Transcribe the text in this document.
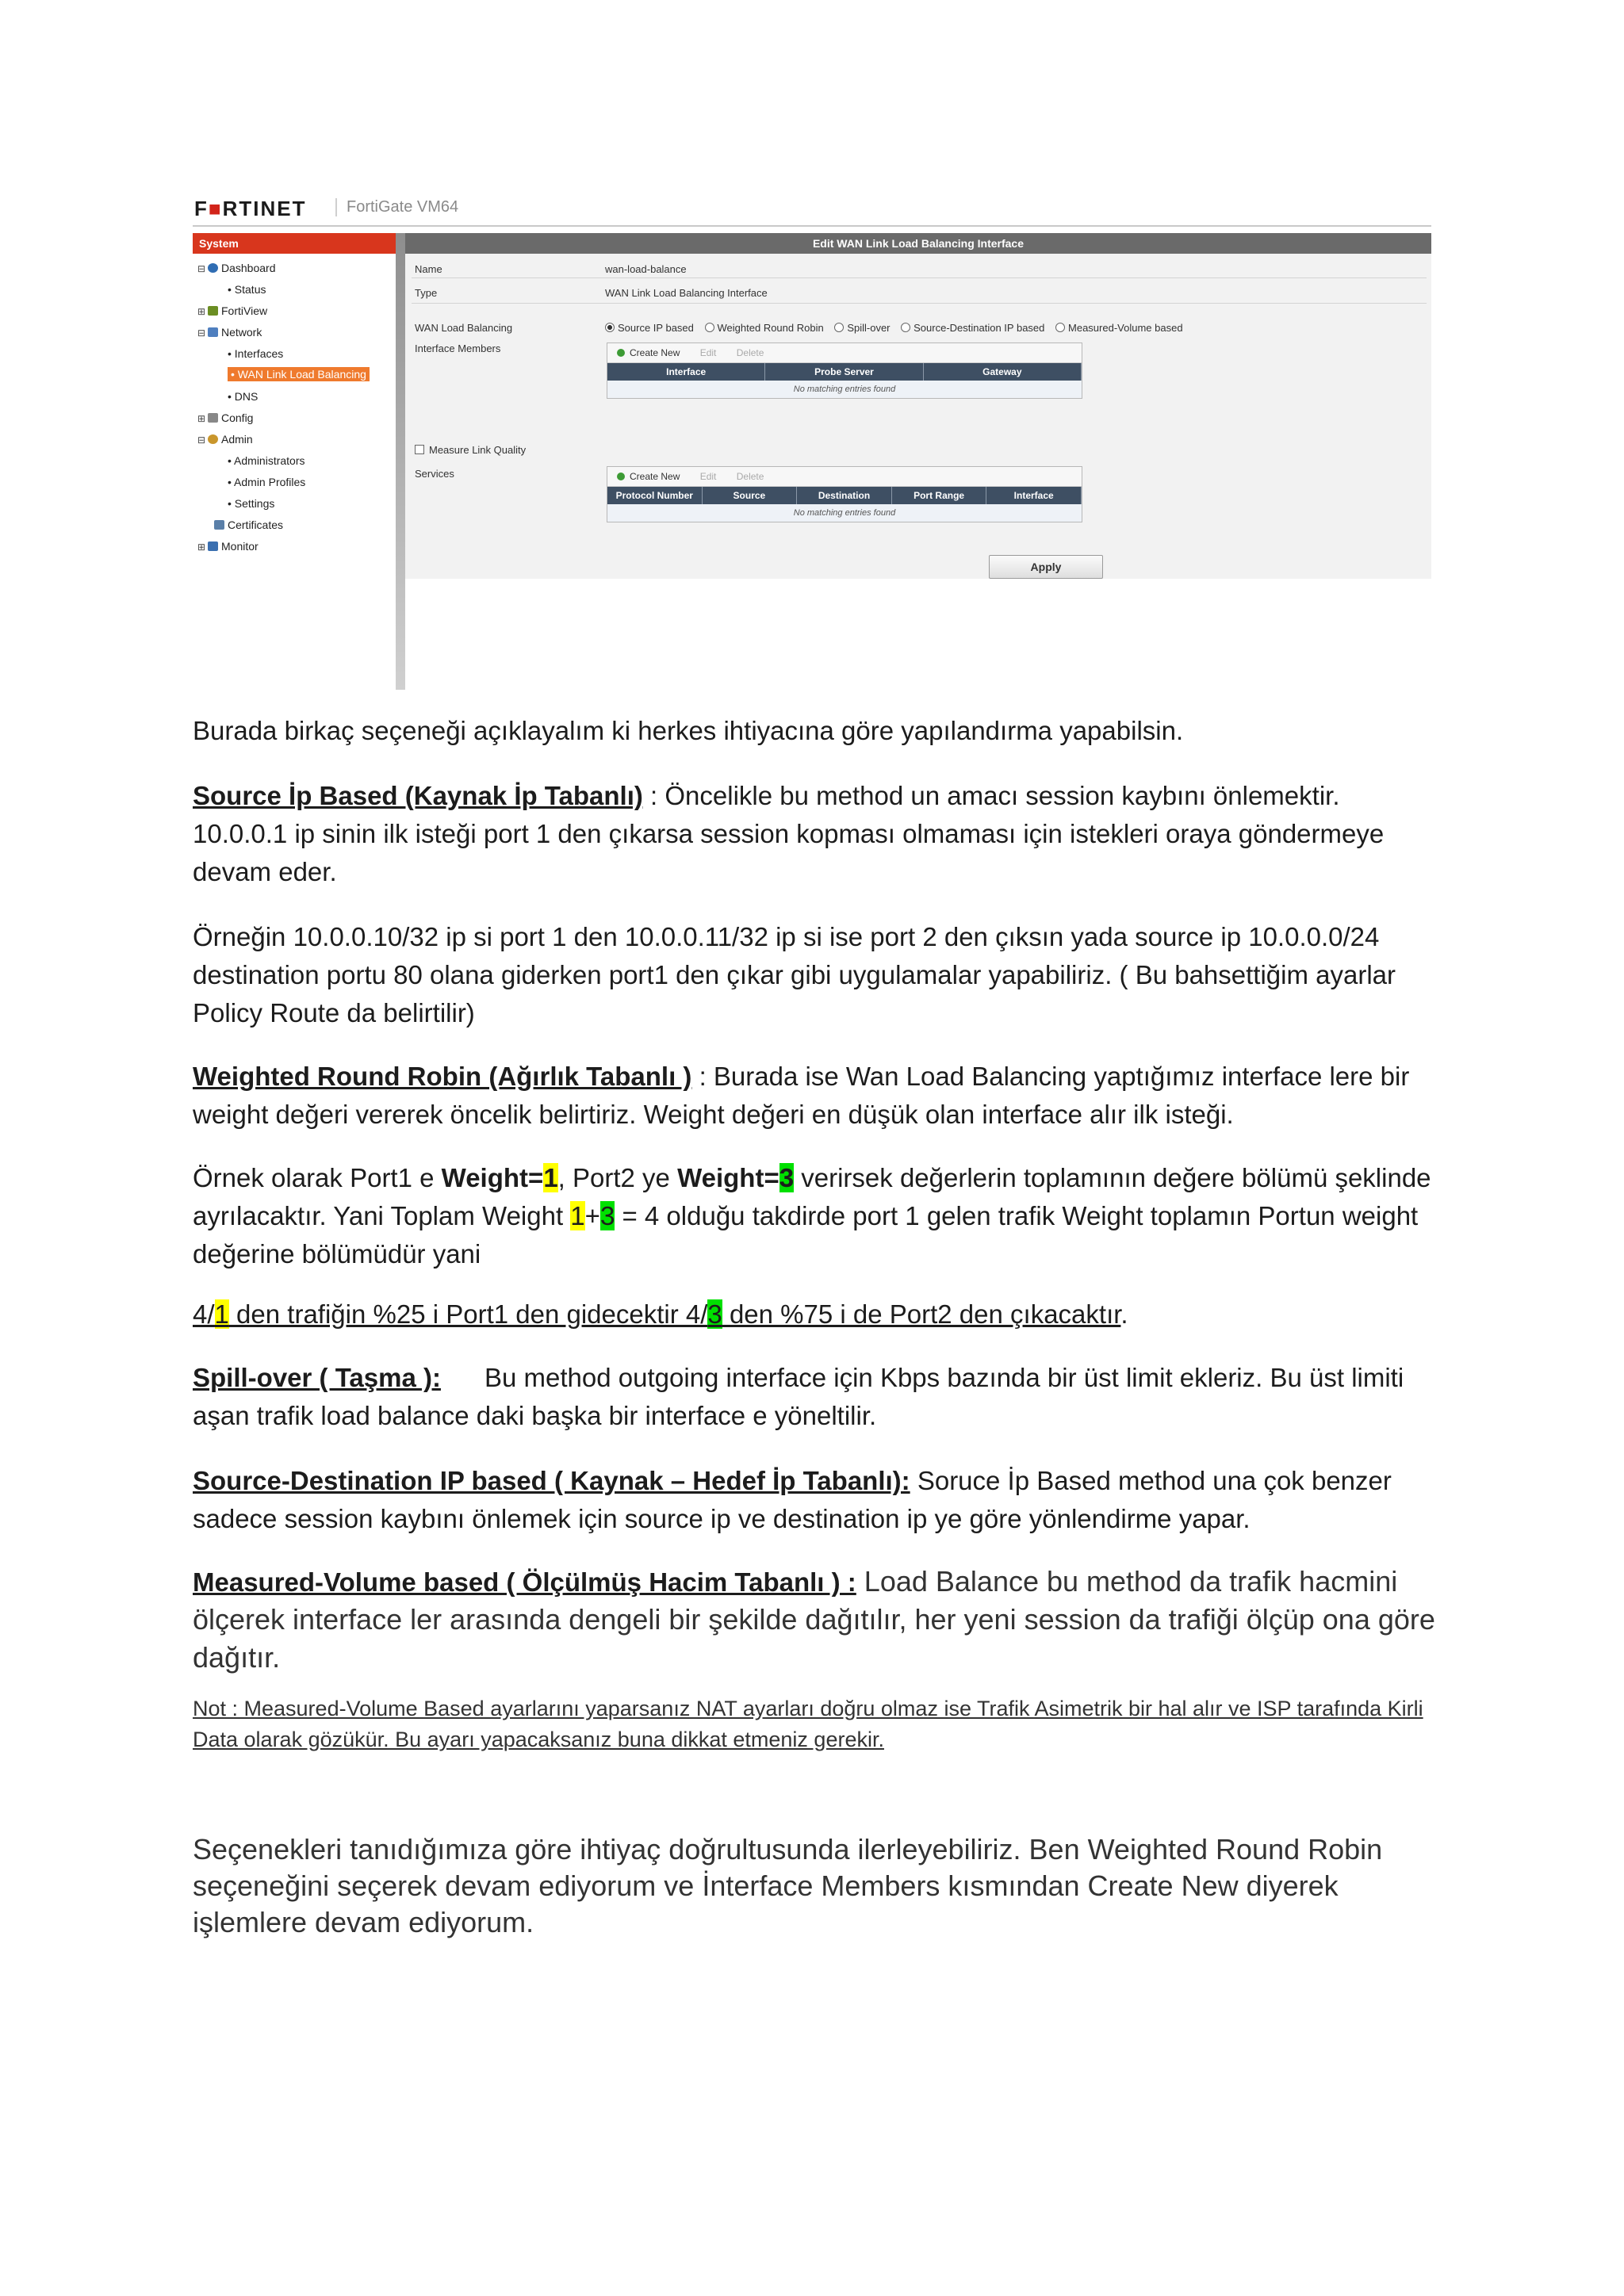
F■RTINET	FortiGate VM64
System
⊟ Dashboard
• Status
⊞ FortiView
⊟ Network
• Interfaces
• WAN Link Load Balancing
• DNS
⊞ Config
⊟ Admin
• Administrators
• Admin Profiles
• Settings
Certificates
⊞ Monitor
Edit WAN Link Load Balancing Interface
Name	wan-load-balance
Type	WAN Link Load Balancing Interface
WAN Load Balancing	Source IP based Weighted Round Robin Spill-over Source-Destination IP based Measured-Volume based
Interface Members	Create New Edit Delete
Interface	Probe Server	Gateway
No matching entries found
Measure Link Quality
Services	Create New Edit Delete
Protocol Number	Source	Destination	Port Range	Interface
No matching entries found
Apply
Burada birkaç seçeneği açıklayalım ki herkes ihtiyacına göre yapılandırma yapabilsin.
Source İp Based (Kaynak İp Tabanlı) : Öncelikle bu method un amacı session kaybını önlemektir. 10.0.0.1 ip sinin ilk isteği port 1 den çıkarsa session kopması olmaması için istekleri oraya göndermeye devam eder.
Örneğin 10.0.0.10/32 ip si port 1 den 10.0.0.11/32 ip si ise port 2 den çıksın yada source ip 10.0.0.0/24 destination portu 80 olana giderken port1 den çıkar gibi uygulamalar yapabiliriz. ( Bu bahsettiğim ayarlar Policy Route da belirtilir)
Weighted Round Robin (Ağırlık Tabanlı ) : Burada ise Wan Load Balancing yaptığımız interface lere bir weight değeri vererek öncelik belirtiriz. Weight değeri en düşük olan interface alır ilk isteği.
Örnek olarak Port1 e Weight=1, Port2 ye Weight=3 verirsek değerlerin toplamının değere bölümü şeklinde ayrılacaktır. Yani Toplam Weight 1+3 = 4 olduğu takdirde port 1 gelen trafik Weight toplamın Portun weight değerine bölümüdür yani
4/1 den trafiğin %25 i Port1 den gidecektir 4/3 den %75 i de Port2 den çıkacaktır.
Spill-over ( Taşma ):      Bu method outgoing interface için Kbps bazında bir üst limit ekleriz. Bu üst limiti aşan trafik load balance daki başka bir interface e yöneltilir.
Source-Destination IP based ( Kaynak – Hedef İp Tabanlı): Soruce İp Based method una çok benzer sadece session kaybını önlemek için source ip ve destination ip ye göre yönlendirme yapar.
Measured-Volume based ( Ölçülmüş Hacim Tabanlı ) : Load Balance bu method da trafik hacmini ölçerek interface ler arasında dengeli bir şekilde dağıtılır, her yeni session da trafiği ölçüp ona göre dağıtır.
Not : Measured-Volume Based ayarlarını yaparsanız NAT ayarları doğru olmaz ise Trafik Asimetrik bir hal alır ve ISP tarafında Kirli Data olarak gözükür. Bu ayarı yapacaksanız buna dikkat etmeniz gerekir.
Seçenekleri tanıdığımıza göre ihtiyaç doğrultusunda ilerleyebiliriz. Ben Weighted Round Robin seçeneğini seçerek devam ediyorum ve İnterface Members kısmından Create New diyerek işlemlere devam ediyorum.
